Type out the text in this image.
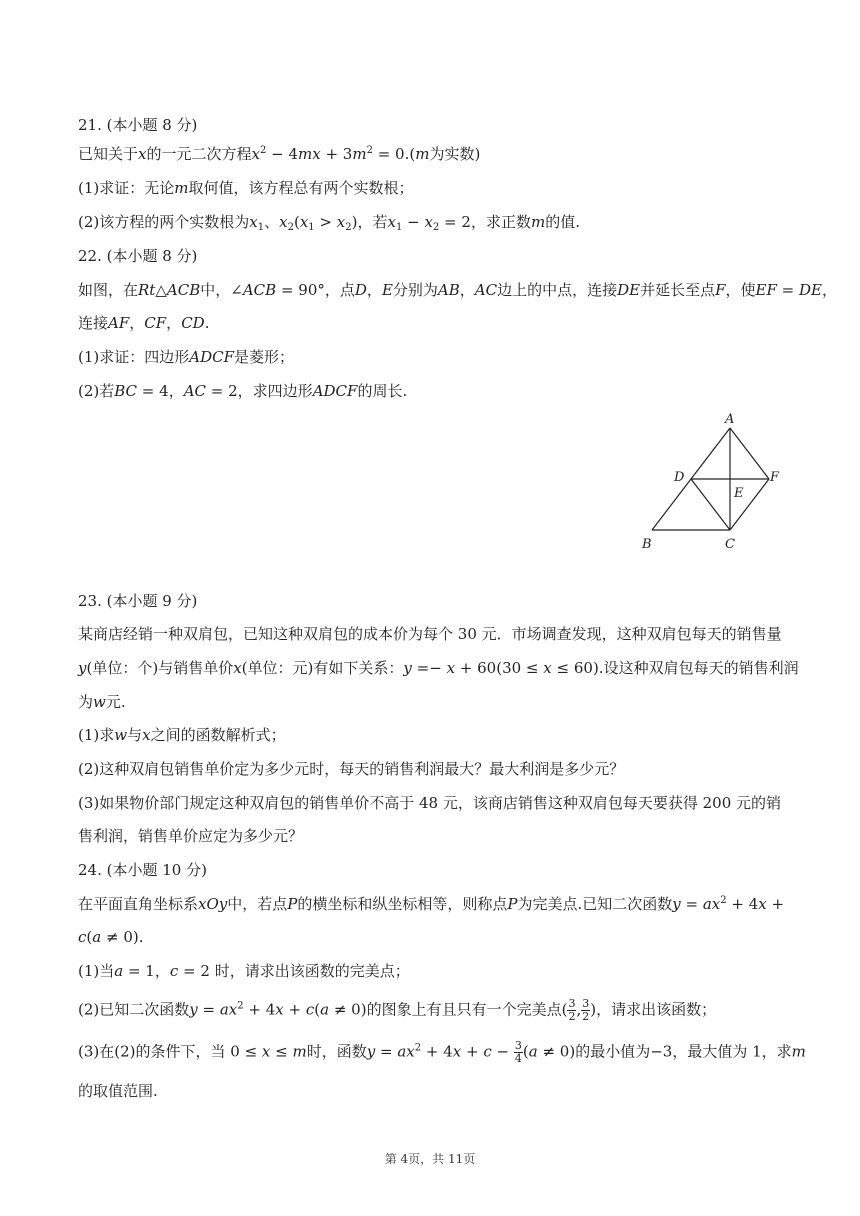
21. (本小题 8 分)
已知关于x的一元二次方程$x^2 - 4mx + 3m^2 = 0.(m$为实数)
(1)求证：无论m取何值，该方程总有两个实数根；
(2)该方程的两个实数根为$x_1$、$x_2(x_1 > x_2)$，若$x_1 - x_2 = 2$，求正数m的值.
22. (本小题 8 分)
如图，在Rt△ACB中，∠ACB = 90°，点D，E分别为AB，AC边上的中点，连接DE并延长至点F，使EF = DE，
连接AF，CF，CD.
(1)求证：四边形ADCF是菱形；
(2)若BC = 4，AC = 2，求四边形ADCF的周长.
A
B	C
D
E
F
23. (本小题 9 分)
某商店经销一种双肩包，已知这种双肩包的成本价为每个 30 元．市场调查发现，这种双肩包每天的销售量
y(单位：个)与销售单价x(单位：元)有如下关系：y =− x + 60(30 ≤ x ≤ 60).设这种双肩包每天的销售利润
为w元.
(1)求w与x之间的函数解析式；
(2)这种双肩包销售单价定为多少元时，每天的销售利润最大？最大利润是多少元？
(3)如果物价部门规定这种双肩包的销售单价不高于 48 元，该商店销售这种双肩包每天要获得 200 元的销
售利润，销售单价应定为多少元？
24. (本小题 10 分)
在平面直角坐标系xOy中，若点P的横坐标和纵坐标相等，则称点P为完美点.已知二次函数$y = ax^2 + 4x$ +
c(a ≠ 0).
(1)当a = 1，c = 2 时，请求出该函数的完美点；
(2)已知二次函数$y = ax^2 + 4x + c(a \ne 0)$的图象上有且只有一个完美点( $\frac{3}{2}$ , $\frac{3}{2}$ )，请求出该函数；
(3)在(2)的条件下，当 0 ≤ x ≤ m时，函数$y = ax^2 + 4x + c - \frac{3}{4} (a \ne 0)$的最小值为−3，最大值为 1，求m
的取值范围.
第 4页，共 11页
